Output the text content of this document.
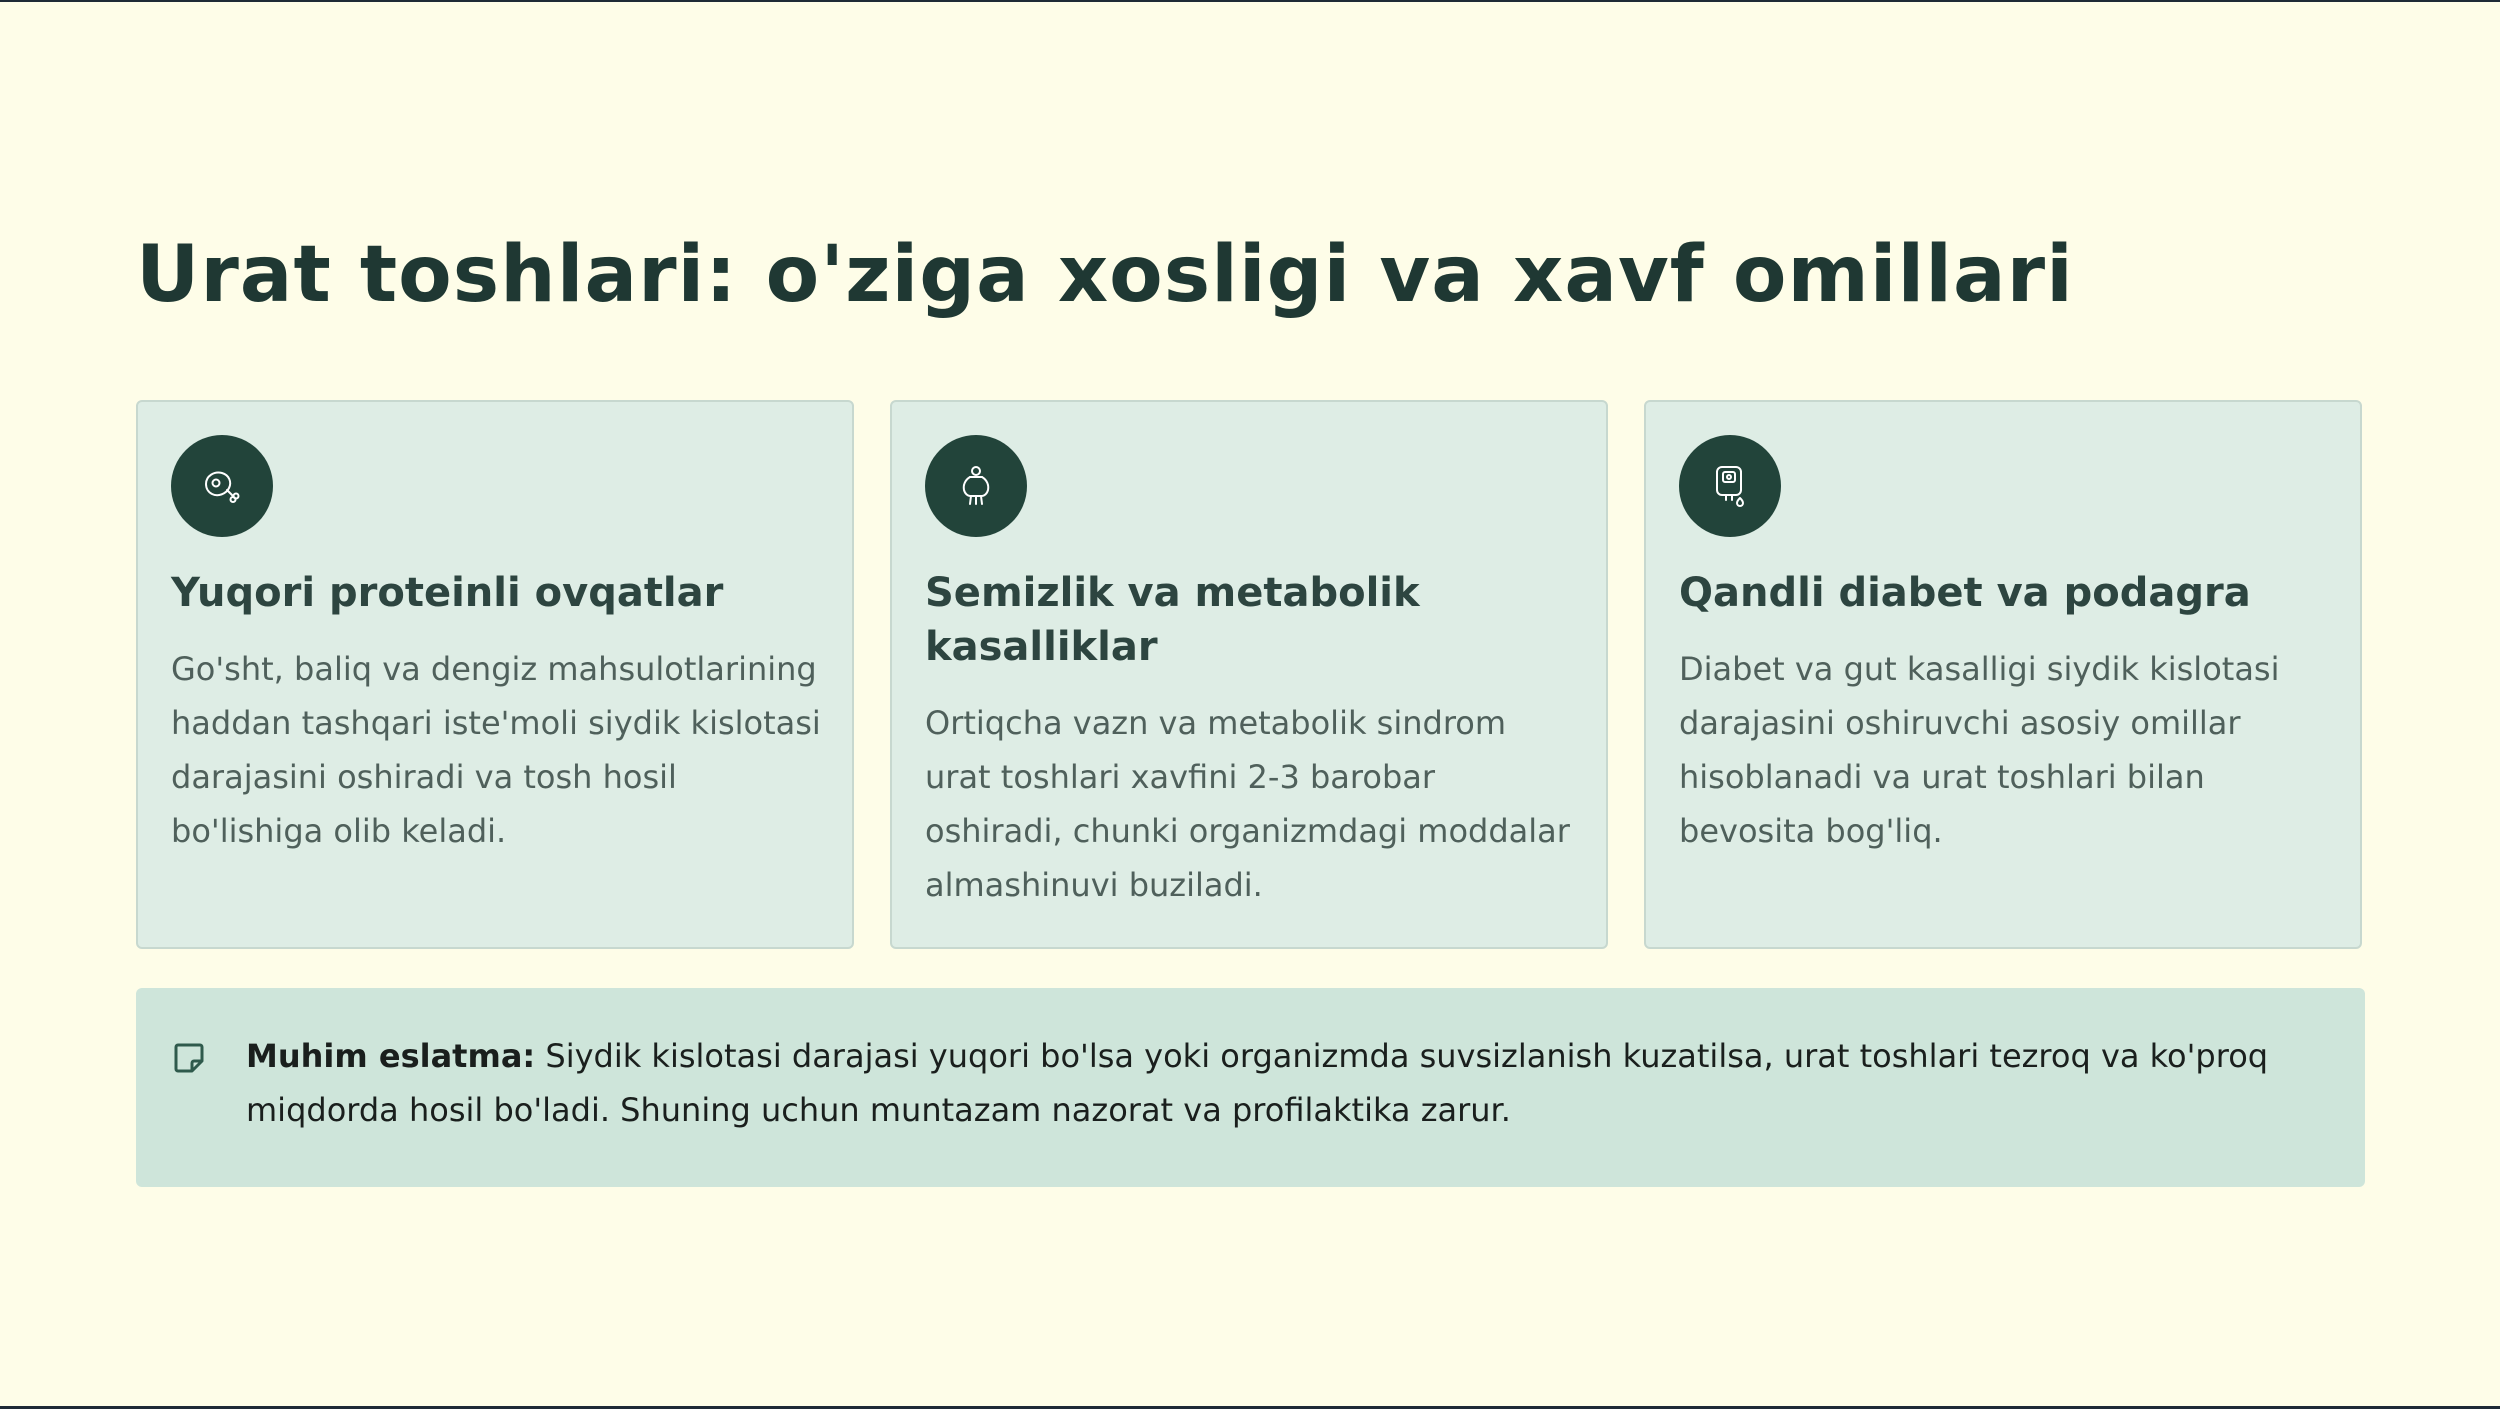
Urat toshlari: o'ziga xosligi va xavf omillari
Yuqori proteinli ovqatlar

Go'sht, baliq va dengiz mahsulotlarining haddan tashqari iste'moli siydik kislotasi darajasini oshiradi va tosh hosil bo'lishiga olib keladi.

Semizlik va metabolik kasalliklar

Ortiqcha vazn va metabolik sindrom urat toshlari xavfini 2-3 barobar oshiradi, chunki organizmdagi moddalar almashinuvi buziladi.

Qandli diabet va podagra

Diabet va gut kasalligi siydik kislotasi darajasini oshiruvchi asosiy omillar hisoblanadi va urat toshlari bilan bevosita bog'liq.

Muhim eslatma: Siydik kislotasi darajasi yuqori bo'lsa yoki organizmda suvsizlanish kuzatilsa, urat toshlari tezroq va ko'proq miqdorda hosil bo'ladi. Shuning uchun muntazam nazorat va profilaktika zarur.
